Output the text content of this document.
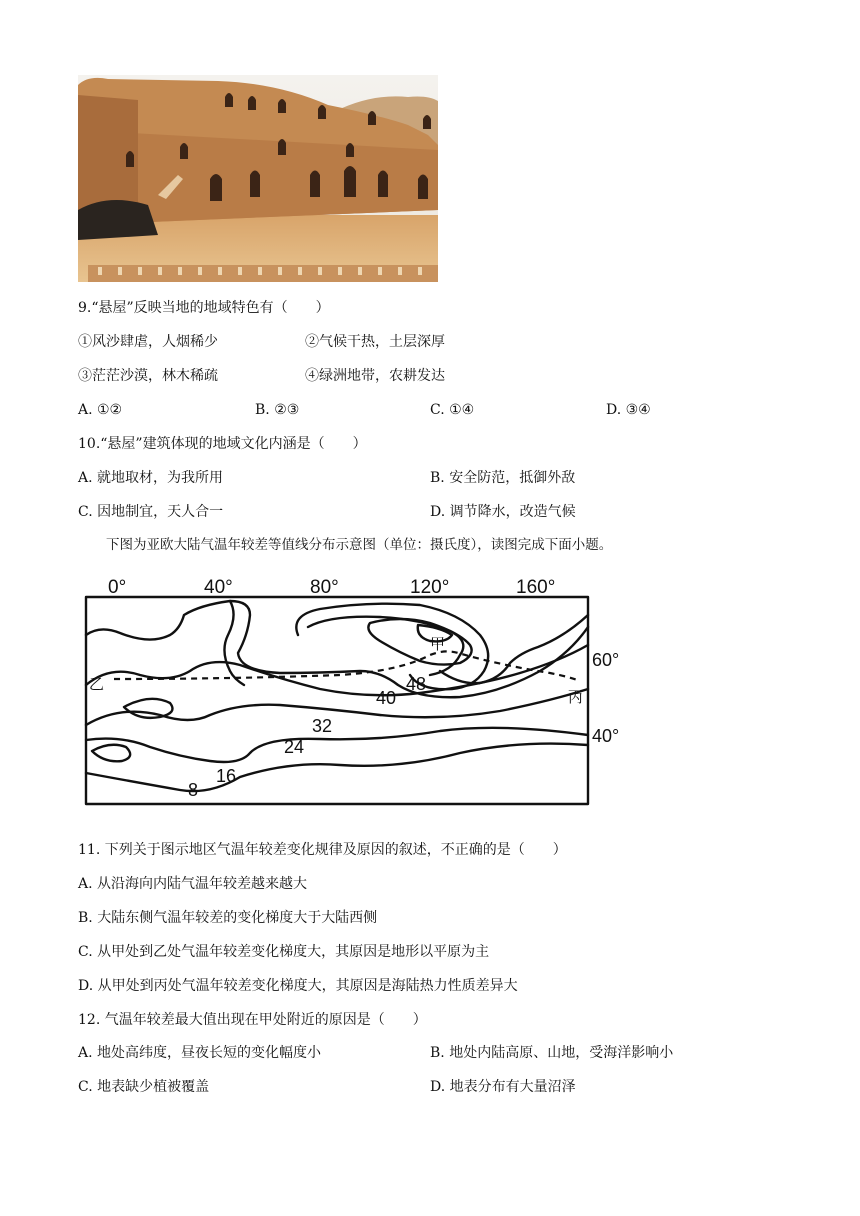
9.“悬屋”反映当地的地域特色有（　　）
①风沙肆虐，人烟稀少	②气候干热，土层深厚
③茫茫沙漠，林木稀疏	④绿洲地带，农耕发达
A. ①②	B. ②③	C. ①④	D. ③④
10.“悬屋”建筑体现的地域文化内涵是（　　）
A. 就地取材，为我所用	B. 安全防范，抵御外敌
C. 因地制宜，天人合一	D. 调节降水，改造气候
下图为亚欧大陆气温年较差等值线分布示意图（单位：摄氏度），读图完成下面小题。
0°	40°	80°	120°	160°
60°
40°
48
40
32
24
16
8
甲
乙
丙
11. 下列关于图示地区气温年较差变化规律及原因的叙述，不正确的是（　　）
A. 从沿海向内陆气温年较差越来越大
B. 大陆东侧气温年较差的变化梯度大于大陆西侧
C. 从甲处到乙处气温年较差变化梯度大，其原因是地形以平原为主
D. 从甲处到丙处气温年较差变化梯度大，其原因是海陆热力性质差异大
12. 气温年较差最大值出现在甲处附近的原因是（　　）
A. 地处高纬度，昼夜长短的变化幅度小	B. 地处内陆高原、山地，受海洋影响小
C. 地表缺少植被覆盖	D. 地表分布有大量沼泽
